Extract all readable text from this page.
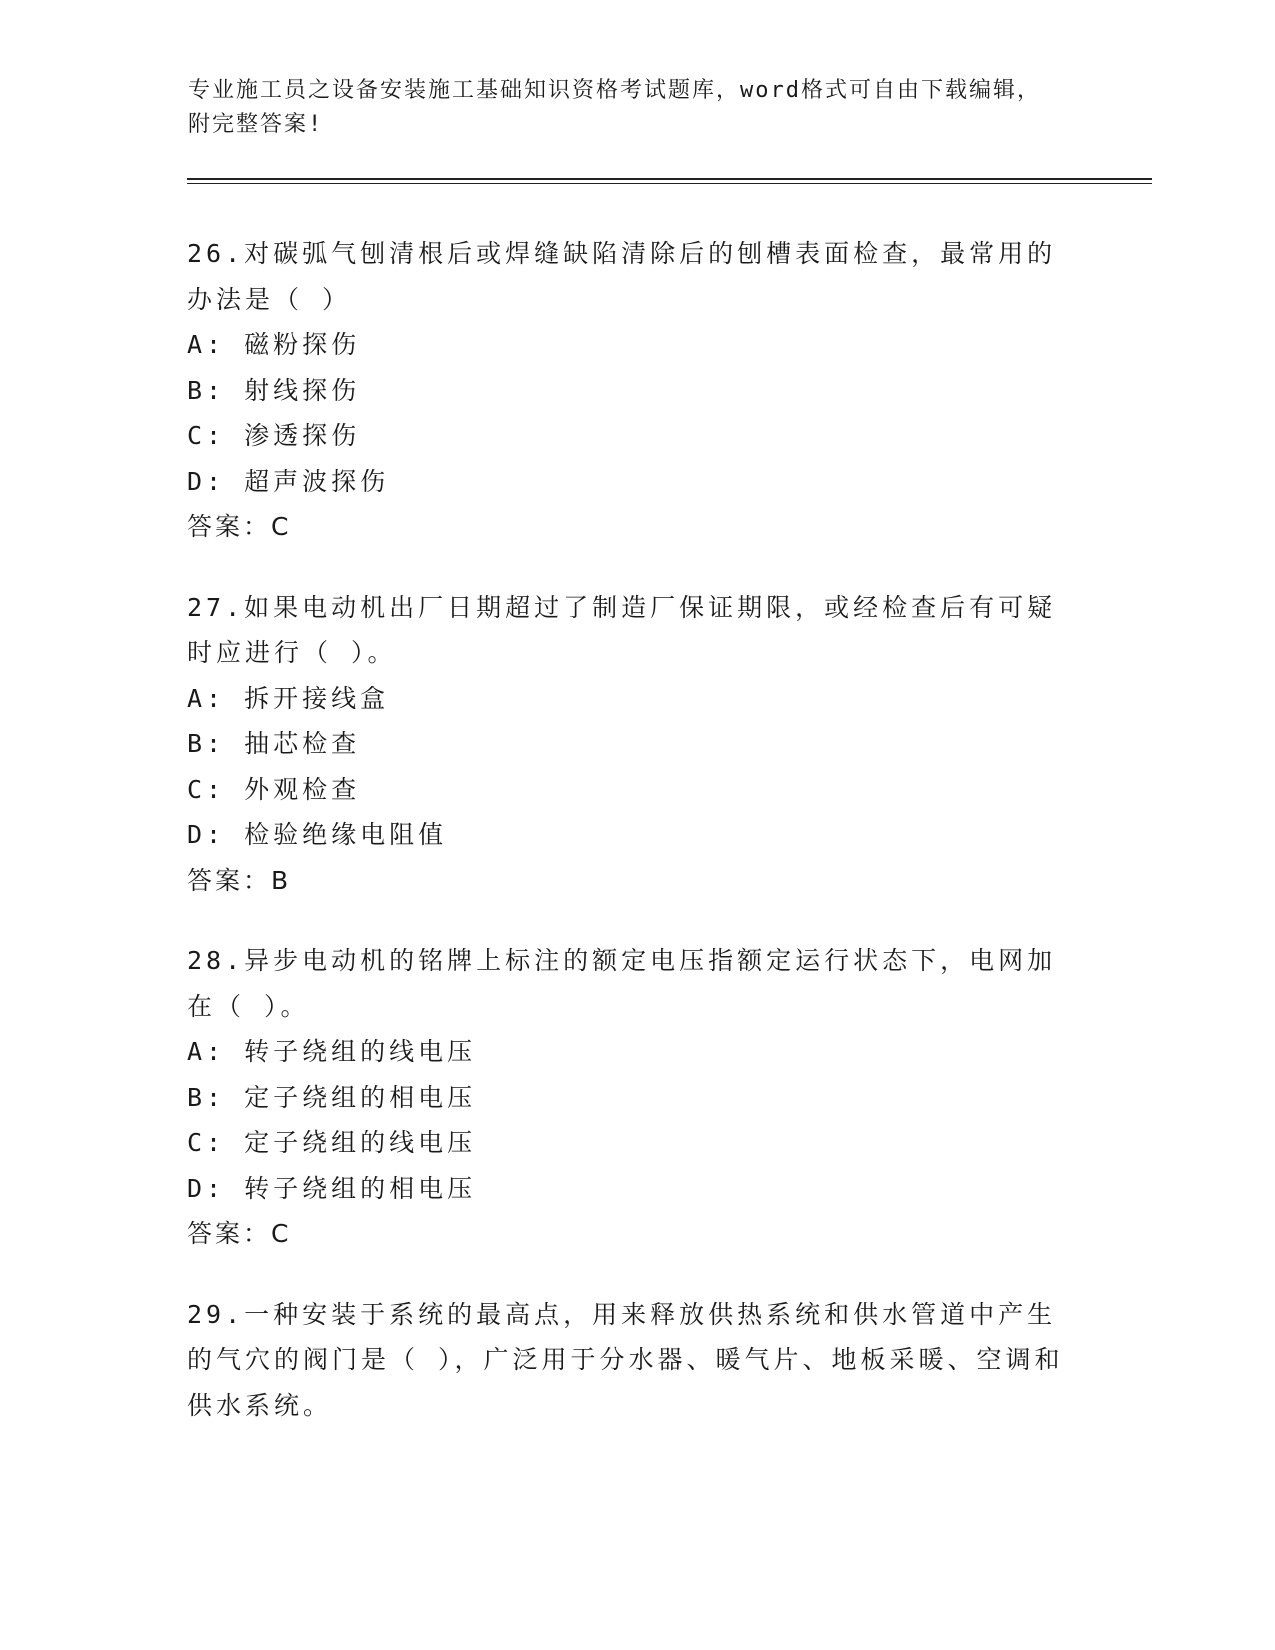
专业施工员之设备安装施工基础知识资格考试题库，word格式可自由下载编辑，
附完整答案!
26.对碳弧气刨清根后或焊缝缺陷清除后的刨槽表面检查，最常用的办法是（ ）
A: 磁粉探伤
B: 射线探伤
C: 渗透探伤
D: 超声波探伤
答案：C
27.如果电动机出厂日期超过了制造厂保证期限，或经检查后有可疑时应进行（ ）。
A: 拆开接线盒
B: 抽芯检查
C: 外观检查
D: 检验绝缘电阻值
答案：B
28.异步电动机的铭牌上标注的额定电压指额定运行状态下，电网加在（ ）。
A: 转子绕组的线电压
B: 定子绕组的相电压
C: 定子绕组的线电压
D: 转子绕组的相电压
答案：C
29.一种安装于系统的最高点，用来释放供热系统和供水管道中产生的气穴的阀门是（ ），广泛用于分水器、暖气片、地板采暖、空调和供水系统。
